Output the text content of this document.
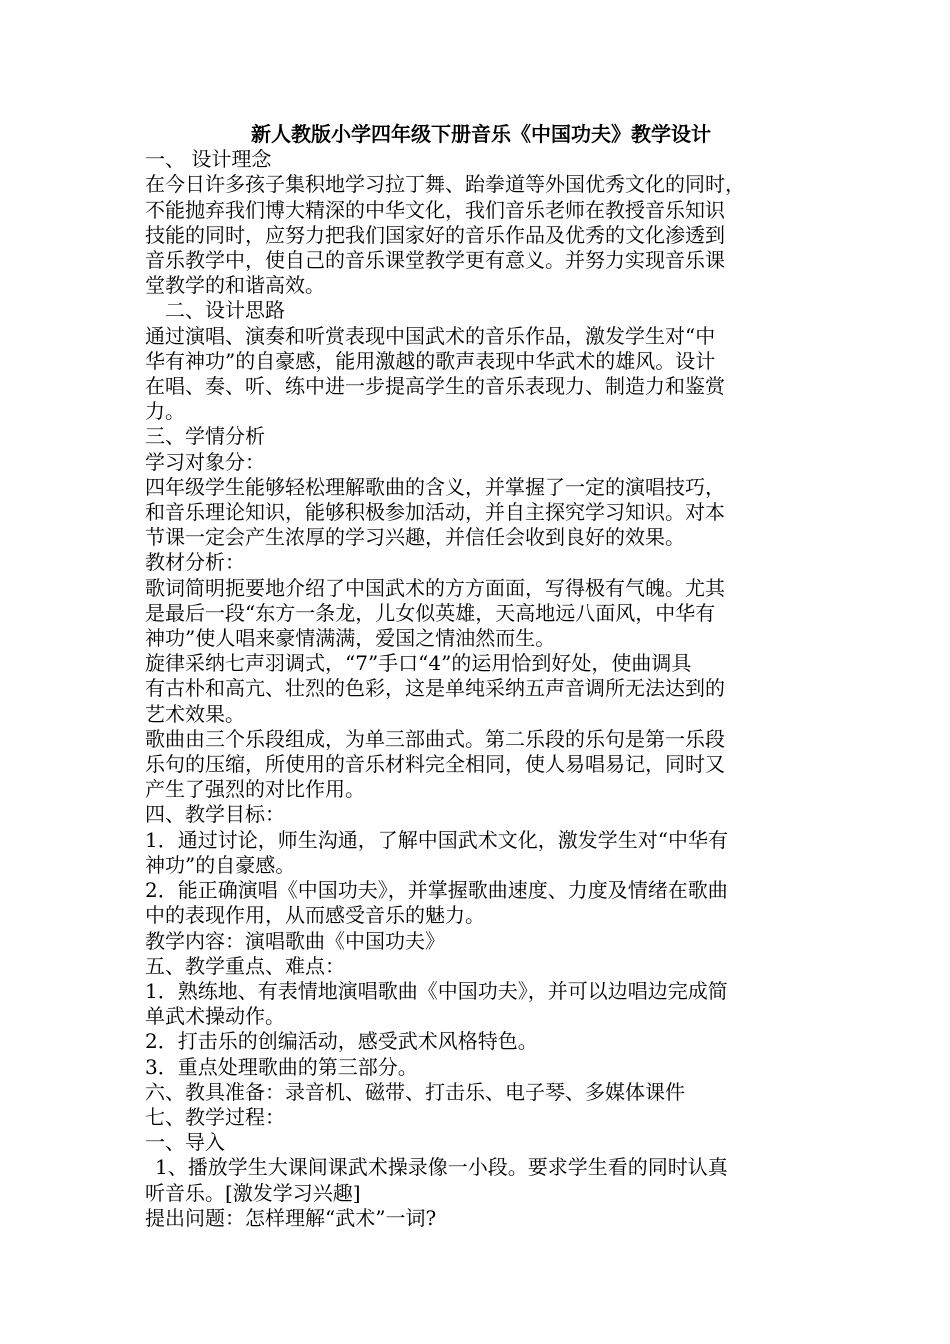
新人教版小学四年级下册音乐《中国功夫》教学设计
一、 设计理念
在今日许多孩子集积地学习拉丁舞、跆拳道等外国优秀文化的同时，
不能抛弃我们博大精深的中华文化，我们音乐老师在教授音乐知识
技能的同时，应努力把我们国家好的音乐作品及优秀的文化渗透到
音乐教学中，使自己的音乐课堂教学更有意义。并努力实现音乐课
堂教学的和谐高效。
二、设计思路
通过演唱、演奏和听赏表现中国武术的音乐作品，激发学生对“中
华有神功”的自豪感，能用激越的歌声表现中华武术的雄风。设计
在唱、奏、听、练中进一步提高学生的音乐表现力、制造力和鉴赏
力。
三、学情分析
学习对象分：
四年级学生能够轻松理解歌曲的含义，并掌握了一定的演唱技巧，
和音乐理论知识，能够积极参加活动，并自主探究学习知识。对本
节课一定会产生浓厚的学习兴趣，并信任会收到良好的效果。
教材分析：
歌词简明扼要地介绍了中国武术的方方面面，写得极有气魄。尤其
是最后一段“东方一条龙，儿女似英雄，天高地远八面风，中华有
神功”使人唱来豪情满满，爱国之情油然而生。
旋律采纳七声羽调式，“7”手口“4”的运用恰到好处，使曲调具
有古朴和高亢、壮烈的色彩，这是单纯采纳五声音调所无法达到的
艺术效果。
歌曲由三个乐段组成，为单三部曲式。第二乐段的乐句是第一乐段
乐句的压缩，所使用的音乐材料完全相同，使人易唱易记，同时又
产生了强烈的对比作用。
四、教学目标：
1．通过讨论，师生沟通，了解中国武术文化，激发学生对“中华有
神功”的自豪感。
2．能正确演唱《中国功夫》，并掌握歌曲速度、力度及情绪在歌曲
中的表现作用，从而感受音乐的魅力。
教学内容：演唱歌曲《中国功夫》
五、教学重点、难点：
1．熟练地、有表情地演唱歌曲《中国功夫》，并可以边唱边完成简
单武术操动作。
2．打击乐的创编活动，感受武术风格特色。
3．重点处理歌曲的第三部分。
六、教具准备：录音机、磁带、打击乐、电子琴、多媒体课件
七、教学过程：
一、导入
1、播放学生大课间课武术操录像一小段。要求学生看的同时认真
听音乐。[激发学习兴趣]
提出问题：怎样理解“武术”一词?
